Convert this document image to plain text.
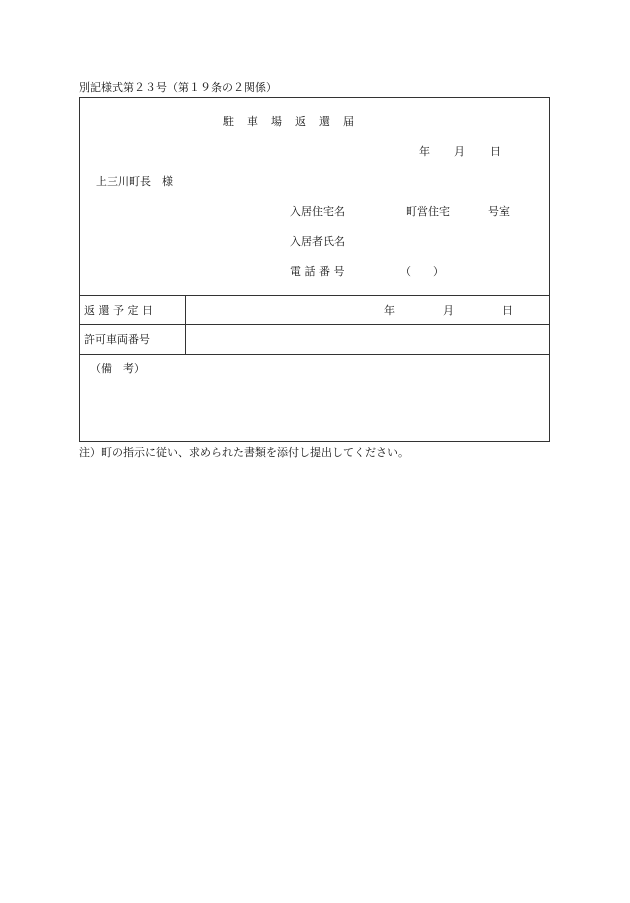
別記様式第２３号（第１９条の２関係）
駐　車　場　返　還　届
年 月 日
上三川町長　様
入居住宅名	町営住宅	号室
入居者氏名
電 話 番 号	（　　）
返 還 予 定 日	年	月	日
許可車両番号
（備　考）
注）町の指示に従い、求められた書類を添付し提出してください。
